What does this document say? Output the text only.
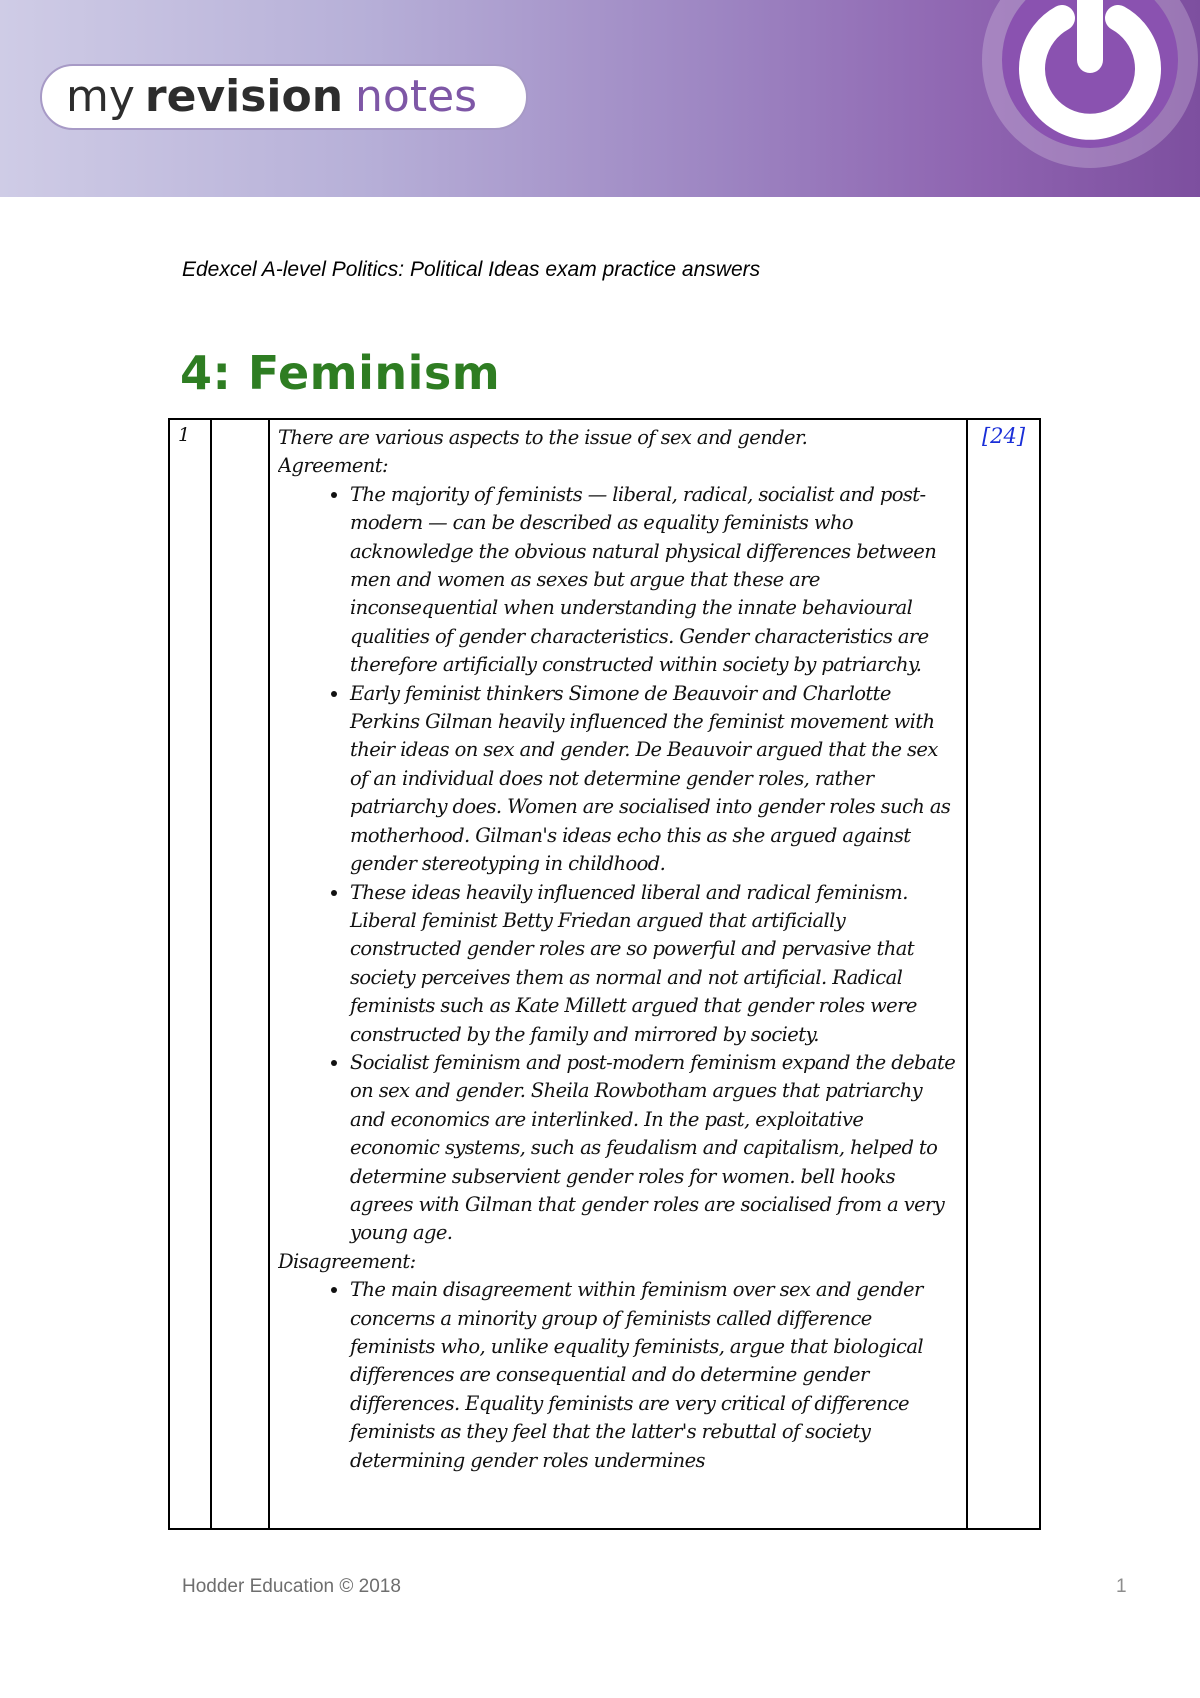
my revision notes
Edexcel A-level Politics: Political Ideas exam practice answers
4: Feminism
1		There are various aspects to the issue of sex and gender.

Agreement:

• The majority of feminists — liberal, radical, socialist and post-modern — can be described as equality feminists who acknowledge the obvious natural physical differences between men and women as sexes but argue that these are inconsequential when understanding the innate behavioural qualities of gender characteristics. Gender characteristics are therefore artificially constructed within society by patriarchy.
• Early feminist thinkers Simone de Beauvoir and Charlotte Perkins Gilman heavily influenced the feminist movement with their ideas on sex and gender. De Beauvoir argued that the sex of an individual does not determine gender roles, rather patriarchy does. Women are socialised into gender roles such as motherhood. Gilman's ideas echo this as she argued against gender stereotyping in childhood.
• These ideas heavily influenced liberal and radical feminism. Liberal feminist Betty Friedan argued that artificially constructed gender roles are so powerful and pervasive that society perceives them as normal and not artificial. Radical feminists such as Kate Millett argued that gender roles were constructed by the family and mirrored by society.
• Socialist feminism and post-modern feminism expand the debate on sex and gender. Sheila Rowbotham argues that patriarchy and economics are interlinked. In the past, exploitative economic systems, such as feudalism and capitalism, helped to determine subservient gender roles for women. bell hooks agrees with Gilman that gender roles are socialised from a very young age.

Disagreement:

• The main disagreement within feminism over sex and gender concerns a minority group of feminists called difference feminists who, unlike equality feminists, argue that biological differences are consequential and do determine gender differences. Equality feminists are very critical of difference feminists as they feel that the latter's rebuttal of society determining gender roles undermines
	[24]
Hodder Education © 2018	1
